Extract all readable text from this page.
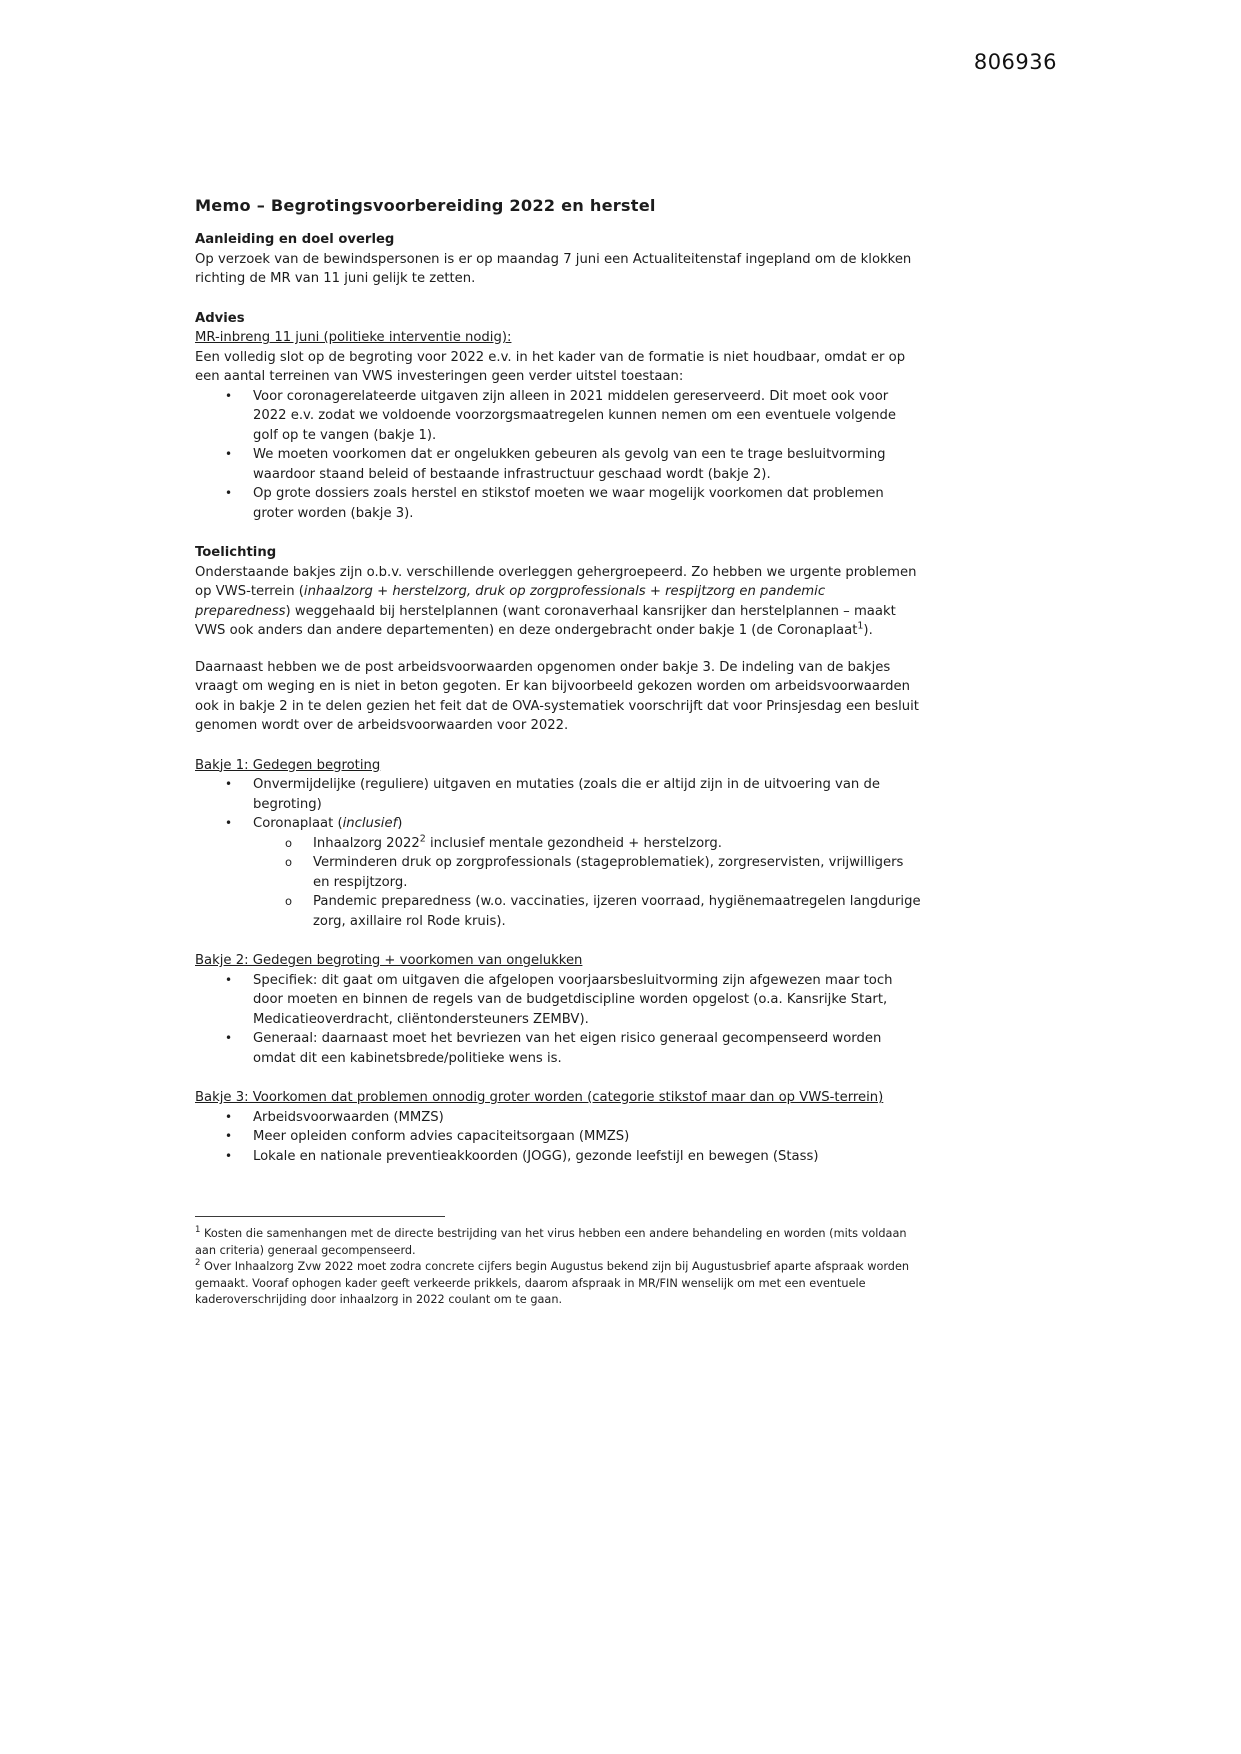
806936
Memo – Begrotingsvoorbereiding 2022 en herstel
Aanleiding en doel overleg
Op verzoek van de bewindspersonen is er op maandag 7 juni een Actualiteitenstaf ingepland om de klokken richting de MR van 11 juni gelijk te zetten.
Advies
MR-inbreng 11 juni (politieke interventie nodig):
Een volledig slot op de begroting voor 2022 e.v. in het kader van de formatie is niet houdbaar, omdat er op een aantal terreinen van VWS investeringen geen verder uitstel toestaan:
•	Voor coronagerelateerde uitgaven zijn alleen in 2021 middelen gereserveerd. Dit moet ook voor 2022 e.v. zodat we voldoende voorzorgsmaatregelen kunnen nemen om een eventuele volgende golf op te vangen (bakje 1).
•	We moeten voorkomen dat er ongelukken gebeuren als gevolg van een te trage besluitvorming waardoor staand beleid of bestaande infrastructuur geschaad wordt (bakje 2).
•	Op grote dossiers zoals herstel en stikstof moeten we waar mogelijk voorkomen dat problemen groter worden (bakje 3).
Toelichting
Onderstaande bakjes zijn o.b.v. verschillende overleggen gehergroepeerd. Zo hebben we urgente problemen op VWS-terrein (inhaalzorg + herstelzorg, druk op zorgprofessionals + respijtzorg en pandemic preparedness) weggehaald bij herstelplannen (want coronaverhaal kansrijker dan herstelplannen – maakt VWS ook anders dan andere departementen) en deze ondergebracht onder bakje 1 (de Coronaplaat$^1$).
Daarnaast hebben we de post arbeidsvoorwaarden opgenomen onder bakje 3. De indeling van de bakjes vraagt om weging en is niet in beton gegoten. Er kan bijvoorbeeld gekozen worden om arbeidsvoorwaarden ook in bakje 2 in te delen gezien het feit dat de OVA-systematiek voorschrijft dat voor Prinsjesdag een besluit genomen wordt over de arbeidsvoorwaarden voor 2022.
Bakje 1: Gedegen begroting
•	Onvermijdelijke (reguliere) uitgaven en mutaties (zoals die er altijd zijn in de uitvoering van de begroting)
•	Coronaplaat (inclusief)
o	Inhaalzorg 2022$^2$ inclusief mentale gezondheid + herstelzorg.
o	Verminderen druk op zorgprofessionals (stageproblematiek), zorgreservisten, vrijwilligers en respijtzorg.
o	Pandemic preparedness (w.o. vaccinaties, ijzeren voorraad, hygiënemaatregelen langdurige zorg, axillaire rol Rode kruis).
Bakje 2: Gedegen begroting + voorkomen van ongelukken
•	Specifiek: dit gaat om uitgaven die afgelopen voorjaarsbesluitvorming zijn afgewezen maar toch door moeten en binnen de regels van de budgetdiscipline worden opgelost (o.a. Kansrijke Start, Medicatieoverdracht, cliëntondersteuners ZEMBV).
•	Generaal: daarnaast moet het bevriezen van het eigen risico generaal gecompenseerd worden omdat dit een kabinetsbrede/politieke wens is.
Bakje 3: Voorkomen dat problemen onnodig groter worden (categorie stikstof maar dan op VWS-terrein)
•	Arbeidsvoorwaarden (MMZS)
•	Meer opleiden conform advies capaciteitsorgaan (MMZS)
•	Lokale en nationale preventieakkoorden (JOGG), gezonde leefstijl en bewegen (Stass)
$^1$ Kosten die samenhangen met de directe bestrijding van het virus hebben een andere behandeling en worden (mits voldaan aan criteria) generaal gecompenseerd.
$^2$ Over Inhaalzorg Zvw 2022 moet zodra concrete cijfers begin Augustus bekend zijn bij Augustusbrief aparte afspraak worden gemaakt. Vooraf ophogen kader geeft verkeerde prikkels, daarom afspraak in MR/FIN wenselijk om met een eventuele kaderoverschrijding door inhaalzorg in 2022 coulant om te gaan.
